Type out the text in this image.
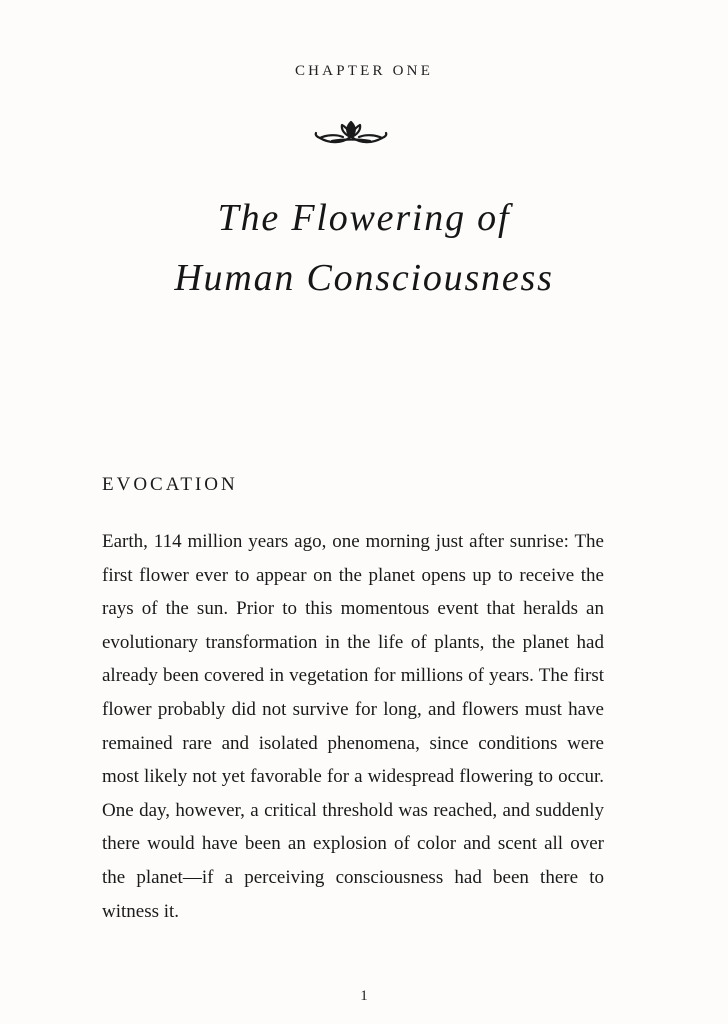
CHAPTER ONE
The Flowering of
Human Consciousness
EVOCATION

Earth, 114 million years ago, one morning just after sunrise: The first flower ever to appear on the planet opens up to receive the rays of the sun. Prior to this momentous event that heralds an evolutionary transformation in the life of plants, the planet had already been covered in vegetation for millions of years. The first flower probably did not survive for long, and flowers must have remained rare and isolated phenomena, since conditions were most likely not yet favorable for a widespread flowering to occur. One day, however, a critical threshold was reached, and suddenly there would have been an explosion of color and scent all over the planet—if a perceiving consciousness had been there to witness it.

1
